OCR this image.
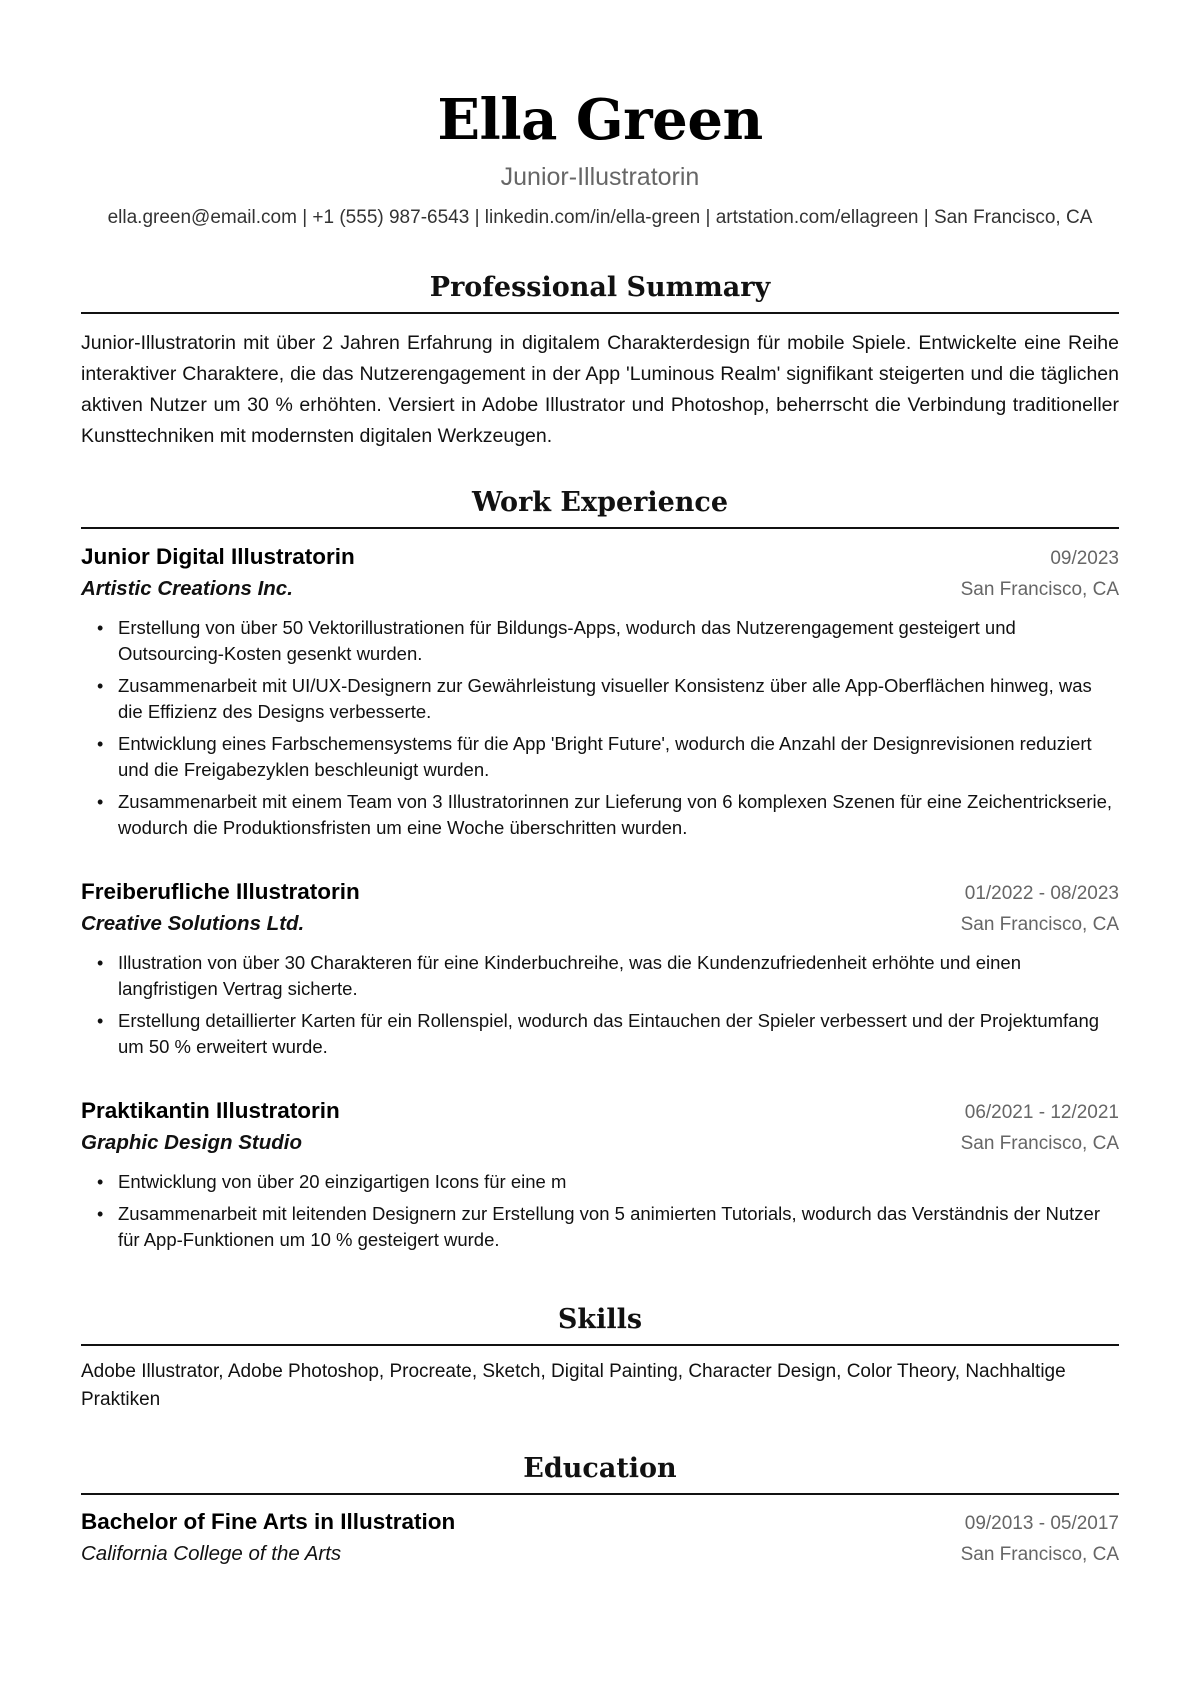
Ella Green
Junior-Illustratorin
ella.green@email.com | +1 (555) 987-6543 | linkedin.com/in/ella-green | artstation.com/ellagreen | San Francisco, CA
Professional Summary
Junior-Illustratorin mit über 2 Jahren Erfahrung in digitalem Charakterdesign für mobile Spiele. Entwickelte eine Reihe interaktiver Charaktere, die das Nutzerengagement in der App 'Luminous Realm' signifikant steigerten und die täglichen aktiven Nutzer um 30 % erhöhten. Versiert in Adobe Illustrator und Photoshop, beherrscht die Verbindung traditioneller Kunsttechniken mit modernsten digitalen Werkzeugen.
Work Experience
Junior Digital Illustratorin	09/2023
Artistic Creations Inc.	San Francisco, CA
• Erstellung von über 50 Vektorillustrationen für Bildungs-Apps, wodurch das Nutzerengagement gesteigert und Outsourcing-Kosten gesenkt wurden.
• Zusammenarbeit mit UI/UX-Designern zur Gewährleistung visueller Konsistenz über alle App-Oberflächen hinweg, was die Effizienz des Designs verbesserte.
• Entwicklung eines Farbschemensystems für die App 'Bright Future', wodurch die Anzahl der Designrevisionen reduziert und die Freigabezyklen beschleunigt wurden.
• Zusammenarbeit mit einem Team von 3 Illustratorinnen zur Lieferung von 6 komplexen Szenen für eine Zeichentrickserie, wodurch die Produktionsfristen um eine Woche überschritten wurden.
Freiberufliche Illustratorin	01/2022 - 08/2023
Creative Solutions Ltd.	San Francisco, CA
• Illustration von über 30 Charakteren für eine Kinderbuchreihe, was die Kundenzufriedenheit erhöhte und einen langfristigen Vertrag sicherte.
• Erstellung detaillierter Karten für ein Rollenspiel, wodurch das Eintauchen der Spieler verbessert und der Projektumfang um 50 % erweitert wurde.
Praktikantin Illustratorin	06/2021 - 12/2021
Graphic Design Studio	San Francisco, CA
• Entwicklung von über 20 einzigartigen Icons für eine m
• Zusammenarbeit mit leitenden Designern zur Erstellung von 5 animierten Tutorials, wodurch das Verständnis der Nutzer für App-Funktionen um 10 % gesteigert wurde.
Skills
Adobe Illustrator, Adobe Photoshop, Procreate, Sketch, Digital Painting, Character Design, Color Theory, Nachhaltige Praktiken
Education
Bachelor of Fine Arts in Illustration	09/2013 - 05/2017
California College of the Arts	San Francisco, CA
